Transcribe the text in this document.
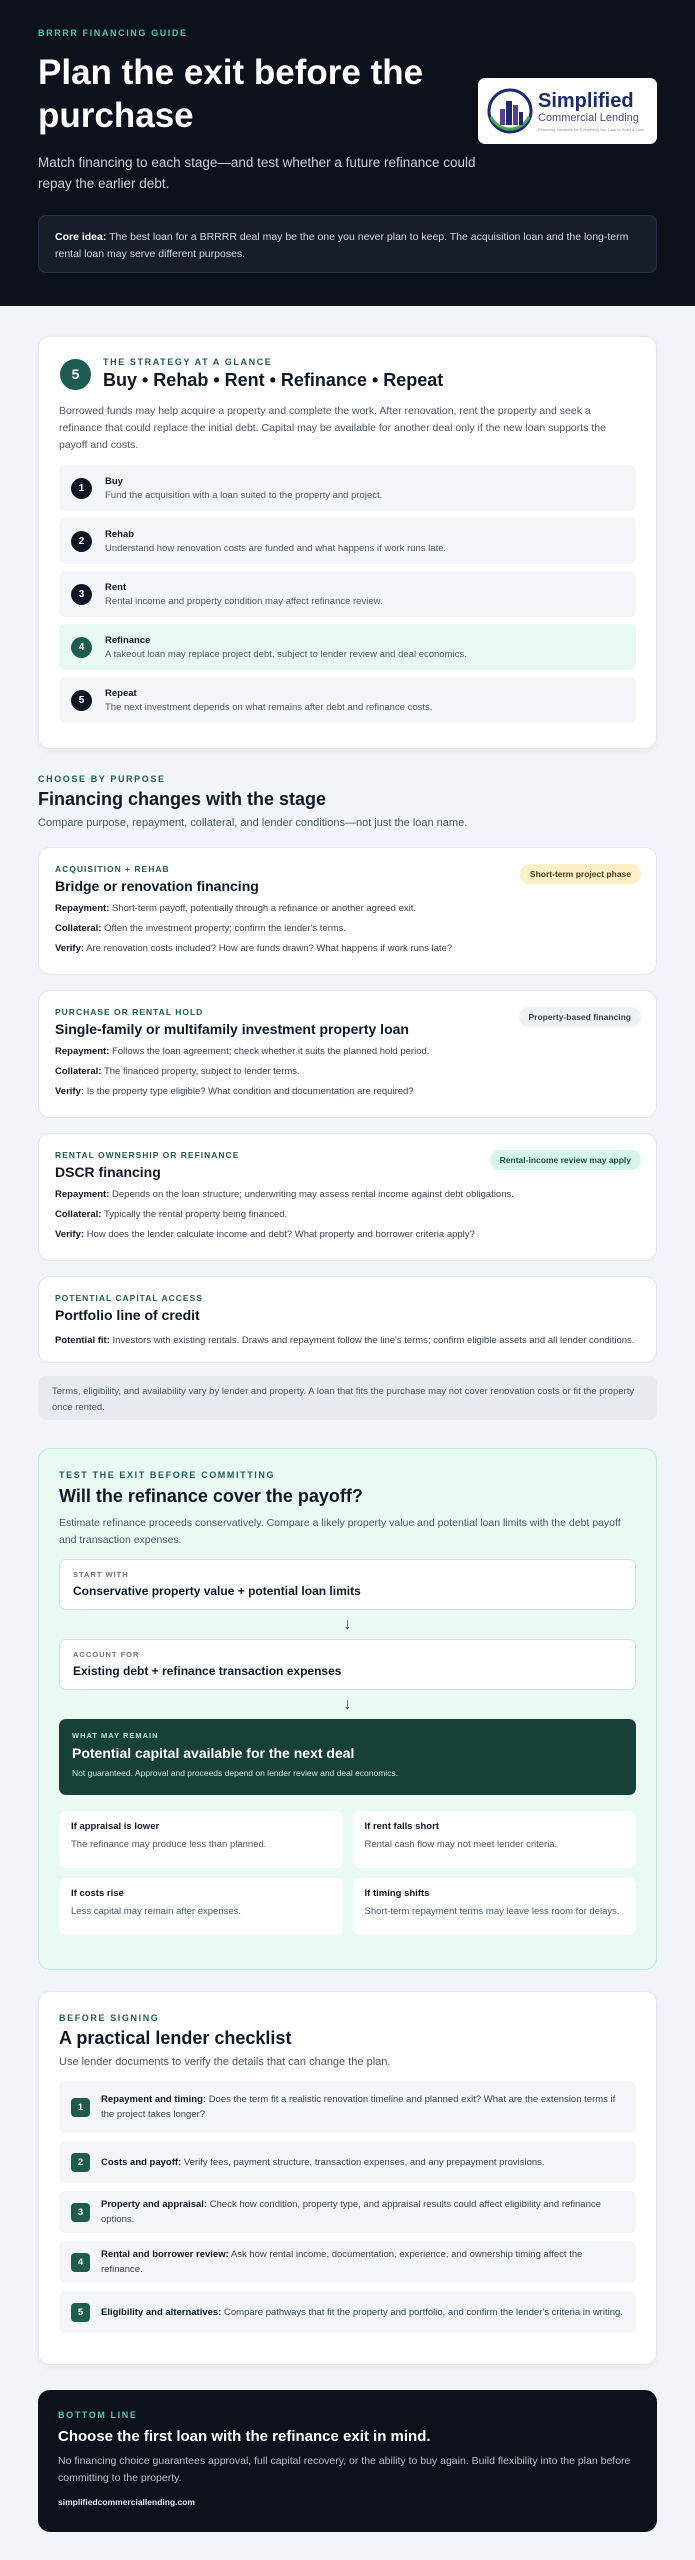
BRRRR FINANCING GUIDE
Plan the exit before the purchase

Match financing to each stage—and test whether a future refinance could repay the earlier debt.

Simplified
Commercial Lending
Financing Solutions for Everything You Look to Build & Own
Core idea: The best loan for a BRRRR deal may be the one you never plan to keep. The acquisition loan and the long-term rental loan may serve different purposes.
5
THE STRATEGY AT A GLANCE
Buy • Rehab • Rent • Refinance • Repeat

Borrowed funds may help acquire a property and complete the work. After renovation, rent the property and seek a refinance that could replace the initial debt. Capital may be available for another deal only if the new loan supports the payoff and costs.

1
Buy
Fund the acquisition with a loan suited to the property and project.
2
Rehab
Understand how renovation costs are funded and what happens if work runs late.
3
Rent
Rental income and property condition may affect refinance review.
4
Refinance
A takeout loan may replace project debt, subject to lender review and deal economics.
5
Repeat
The next investment depends on what remains after debt and refinance costs.
CHOOSE BY PURPOSE
Financing changes with the stage

Compare purpose, repayment, collateral, and lender conditions—not just the loan name.

ACQUISITION + REHAB
Bridge or renovation financing
Short-term project phase
Repayment: Short-term payoff, potentially through a refinance or another agreed exit.
Collateral: Often the investment property; confirm the lender's terms.
Verify: Are renovation costs included? How are funds drawn? What happens if work runs late?
PURCHASE OR RENTAL HOLD
Single-family or multifamily investment property loan
Property-based financing
Repayment: Follows the loan agreement; check whether it suits the planned hold period.
Collateral: The financed property, subject to lender terms.
Verify: Is the property type eligible? What condition and documentation are required?
RENTAL OWNERSHIP OR REFINANCE
DSCR financing
Rental-income review may apply
Repayment: Depends on the loan structure; underwriting may assess rental income against debt obligations.
Collateral: Typically the rental property being financed.
Verify: How does the lender calculate income and debt? What property and borrower criteria apply?
POTENTIAL CAPITAL ACCESS
Portfolio line of credit
Potential fit: Investors with existing rentals. Draws and repayment follow the line's terms; confirm eligible assets and all lender conditions.
Terms, eligibility, and availability vary by lender and property. A loan that fits the purchase may not cover renovation costs or fit the property once rented.
TEST THE EXIT BEFORE COMMITTING
Will the refinance cover the payoff?

Estimate refinance proceeds conservatively. Compare a likely property value and potential loan limits with the debt payoff and transaction expenses.

START WITH
Conservative property value + potential loan limits
↓
ACCOUNT FOR
Existing debt + refinance transaction expenses
↓
WHAT MAY REMAIN
Potential capital available for the next deal
Not guaranteed. Approval and proceeds depend on lender review and deal economics.
If appraisal is lower
The refinance may produce less than planned.
If rent falls short
Rental cash flow may not meet lender criteria.
If costs rise
Less capital may remain after expenses.
If timing shifts
Short-term repayment terms may leave less room for delays.
BEFORE SIGNING
A practical lender checklist

Use lender documents to verify the details that can change the plan.

1
Repayment and timing: Does the term fit a realistic renovation timeline and planned exit? What are the extension terms if the project takes longer?
2	Costs and payoff: Verify fees, payment structure, transaction expenses, and any prepayment provisions.
3
Property and appraisal: Check how condition, property type, and appraisal results could affect eligibility and refinance options.
4
Rental and borrower review: Ask how rental income, documentation, experience, and ownership timing affect the refinance.
5	Eligibility and alternatives: Compare pathways that fit the property and portfolio, and confirm the lender's criteria in writing.
BOTTOM LINE
Choose the first loan with the refinance exit in mind.

No financing choice guarantees approval, full capital recovery, or the ability to buy again. Build flexibility into the plan before committing to the property.

simplifiedcommerciallending.com
